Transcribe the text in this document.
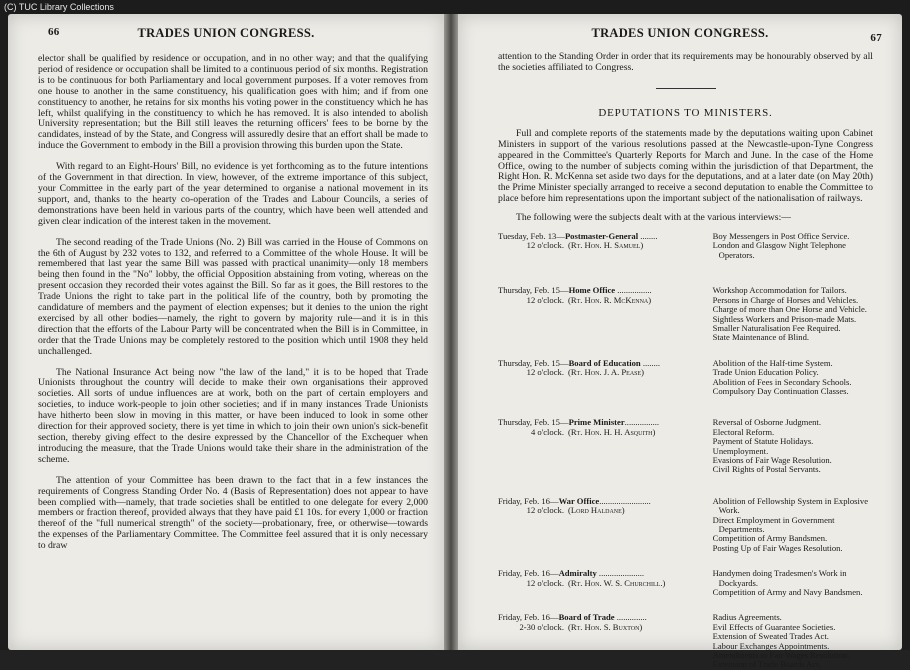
(C) TUC Library Collections
66	TRADES UNION CONGRESS.

elector shall be qualified by residence or occupation, and in no other way; and that the qualifying period of residence or occupation shall be limited to a continuous period of six months. Registration is to be continuous for both Parliamentary and local government purposes. If a voter removes from one house to another in the same constituency, his qualification goes with him; and if from one constituency to another, he retains for six months his voting power in the constituency which he has left, whilst qualifying in the constituency to which he has removed. It is also intended to abolish University representation; but the Bill still leaves the returning officers' fees to be borne by the candidates, instead of by the State, and Congress will assuredly desire that an effort shall be made to induce the Government to embody in the Bill a provision throwing this burden upon the State.

With regard to an Eight-Hours' Bill, no evidence is yet forthcoming as to the future intentions of the Government in that direction. In view, however, of the extreme importance of this subject, your Committee in the early part of the year determined to organise a national movement in its support, and, thanks to the hearty co-operation of the Trades and Labour Councils, a series of demonstrations have been held in various parts of the country, which have been well attended and given clear indication of the interest taken in the movement.

The second reading of the Trade Unions (No. 2) Bill was carried in the House of Commons on the 6th of August by 232 votes to 132, and referred to a Committee of the whole House. It will be remembered that last year the same Bill was passed with practical unanimity—only 18 members being then found in the "No" lobby, the official Opposition abstaining from voting, whereas on the present occasion they recorded their votes against the Bill. So far as it goes, the Bill restores to the Trade Unions the right to take part in the political life of the country, both by promoting the candidature of members and the payment of election expenses; but it denies to the union the right exercised by all other bodies—namely, the right to govern by majority rule—and it is in this direction that the efforts of the Labour Party will be concentrated when the Bill is in Committee, in order that the Trade Unions may be completely restored to the position which until 1908 they held unchallenged.

The National Insurance Act being now "the law of the land," it is to be hoped that Trade Unionists throughout the country will decide to make their own organisations their approved societies. All sorts of undue influences are at work, both on the part of certain employers and societies, to induce work-people to join other societies; and if in many instances Trade Unionists have hitherto been slow in moving in this matter, or have been induced to look in some other direction for their approved society, there is yet time in which to join their own union's sick-benefit section, thereby giving effect to the desire expressed by the Chancellor of the Exchequer when introducing the measure, that the Trade Unions would take their share in the administration of the scheme.

The attention of your Committee has been drawn to the fact that in a few instances the requirements of Congress Standing Order No. 4 (Basis of Representation) does not appear to have been complied with—namely, that trade societies shall be entitled to one delegate for every 2,000 members or fraction thereof, provided always that they have paid £1 10s. for every 1,000 or fraction thereof of the "full numerical strength" of the society—probationary, free, or otherwise—towards the expenses of the Parliamentary Committee. The Committee feel assured that it is only necessary to draw

TRADES UNION CONGRESS.	67

attention to the Standing Order in order that its requirements may be honourably observed by all the societies affiliated to Congress.

DEPUTATIONS TO MINISTERS.

Full and complete reports of the statements made by the deputations waiting upon Cabinet Ministers in support of the various resolutions passed at the Newcastle-upon-Tyne Congress appeared in the Committee's Quarterly Reports for March and June. In the case of the Home Office, owing to the number of subjects coming within the jurisdiction of that Department, the Right Hon. R. McKenna set aside two days for the deputations, and at a later date (on May 20th) the Prime Minister specially arranged to receive a second deputation to enable the Committee to place before him representations upon the important subject of the nationalisation of railways.

The following were the subjects dealt with at the various interviews:—

Tuesday, Feb. 13—Postmaster-General ........
12 o'clock. (Rt. Hon. H. Samuel)
Boy Messengers in Post Office Service.
London and Glasgow Night Telephone Operators.
Thursday, Feb. 15—Home Office ................
12 o'clock. (Rt. Hon. R. McKenna)
Workshop Accommodation for Tailors.
Persons in Charge of Horses and Vehicles.
Charge of more than One Horse and Vehicle.
Sightless Workers and Prison-made Mats.
Smaller Naturalisation Fee Required.
State Maintenance of Blind.
Thursday, Feb. 15—Board of Education ........
12 o'clock. (Rt. Hon. J. A. Pease)
Abolition of the Half-time System.
Trade Union Education Policy.
Abolition of Fees in Secondary Schools.
Compulsory Day Continuation Classes.
Thursday, Feb. 15—Prime Minister................
4 o'clock. (Rt. Hon. H. H. Asquith)
Reversal of Osborne Judgment.
Electoral Reform.
Payment of Statute Holidays.
Unemployment.
Evasions of Fair Wage Resolution.
Civil Rights of Postal Servants.
Friday, Feb. 16—War Office........................
12 o'clock. (Lord Haldane)
Abolition of Fellowship System in Explosive Work.
Direct Employment in Government Departments.
Competition of Army Bandsmen.
Posting Up of Fair Wages Resolution.
Friday, Feb. 16—Admiralty .....................
12 o'clock. (Rt. Hon. W. S. Churchill.)
Handymen doing Tradesmen's Work in Dockyards.
Competition of Army and Navy Bandsmen.
Friday, Feb. 16—Board of Trade ..............
2-30 o'clock. (Rt. Hon. S. Buxton)
Radius Agreements.
Evil Effects of Guarantee Societies.
Extension of Sweated Trades Act.
Labour Exchanges Appointments.
Amendments to Fair Wages Resolution.
Extension of Trade Boards Act.
